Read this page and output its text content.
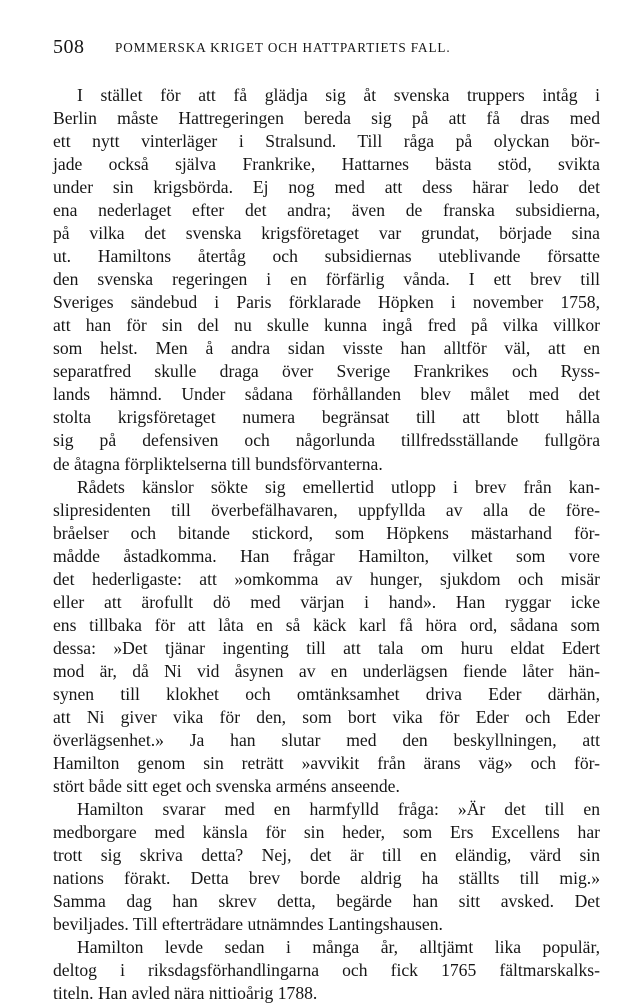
508 POMMERSKA KRIGET OCH HATTPARTIETS FALL.
I stället för att få glädja sig åt svenska truppers intåg i
Berlin måste Hattregeringen bereda sig på att få dras med
ett nytt vinterläger i Stralsund. Till råga på olyckan bör-
jade också själva Frankrike, Hattarnes bästa stöd, svikta
under sin krigsbörda. Ej nog med att dess härar ledo det
ena nederlaget efter det andra; även de franska subsidierna,
på vilka det svenska krigsföretaget var grundat, började sina
ut. Hamiltons återtåg och subsidiernas uteblivande försatte
den svenska regeringen i en förfärlig vånda. I ett brev till
Sveriges sändebud i Paris förklarade Höpken i november 1758,
att han för sin del nu skulle kunna ingå fred på vilka villkor
som helst. Men å andra sidan visste han alltför väl, att en
separatfred skulle draga över Sverige Frankrikes och Ryss-
lands hämnd. Under sådana förhållanden blev målet med det
stolta krigsföretaget numera begränsat till att blott hålla
sig på defensiven och någorlunda tillfredsställande fullgöra
de åtagna förpliktelserna till bundsförvanterna.
Rådets känslor sökte sig emellertid utlopp i brev från kan-
slipresidenten till överbefälhavaren, uppfyllda av alla de före-
bråelser och bitande stickord, som Höpkens mästarhand för-
mådde åstadkomma. Han frågar Hamilton, vilket som vore
det hederligaste: att »omkomma av hunger, sjukdom och misär
eller att ärofullt dö med värjan i hand». Han ryggar icke
ens tillbaka för att låta en så käck karl få höra ord, sådana som
dessa: »Det tjänar ingenting till att tala om huru eldat Edert
mod är, då Ni vid åsynen av en underlägsen fiende låter hän-
synen till klokhet och omtänksamhet driva Eder därhän,
att Ni giver vika för den, som bort vika för Eder och Eder
överlägsenhet.» Ja han slutar med den beskyllningen, att
Hamilton genom sin reträtt »avvikit från ärans väg» och för-
stört både sitt eget och svenska arméns anseende.
Hamilton svarar med en harmfylld fråga: »Är det till en
medborgare med känsla för sin heder, som Ers Excellens har
trott sig skriva detta? Nej, det är till en eländig, värd sin
nations förakt. Detta brev borde aldrig ha ställts till mig.»
Samma dag han skrev detta, begärde han sitt avsked. Det
beviljades. Till efterträdare utnämndes Lantingshausen.
Hamilton levde sedan i många år, alltjämt lika populär,
deltog i riksdagsförhandlingarna och fick 1765 fältmarskalks-
titeln. Han avled nära nittioårig 1788.
